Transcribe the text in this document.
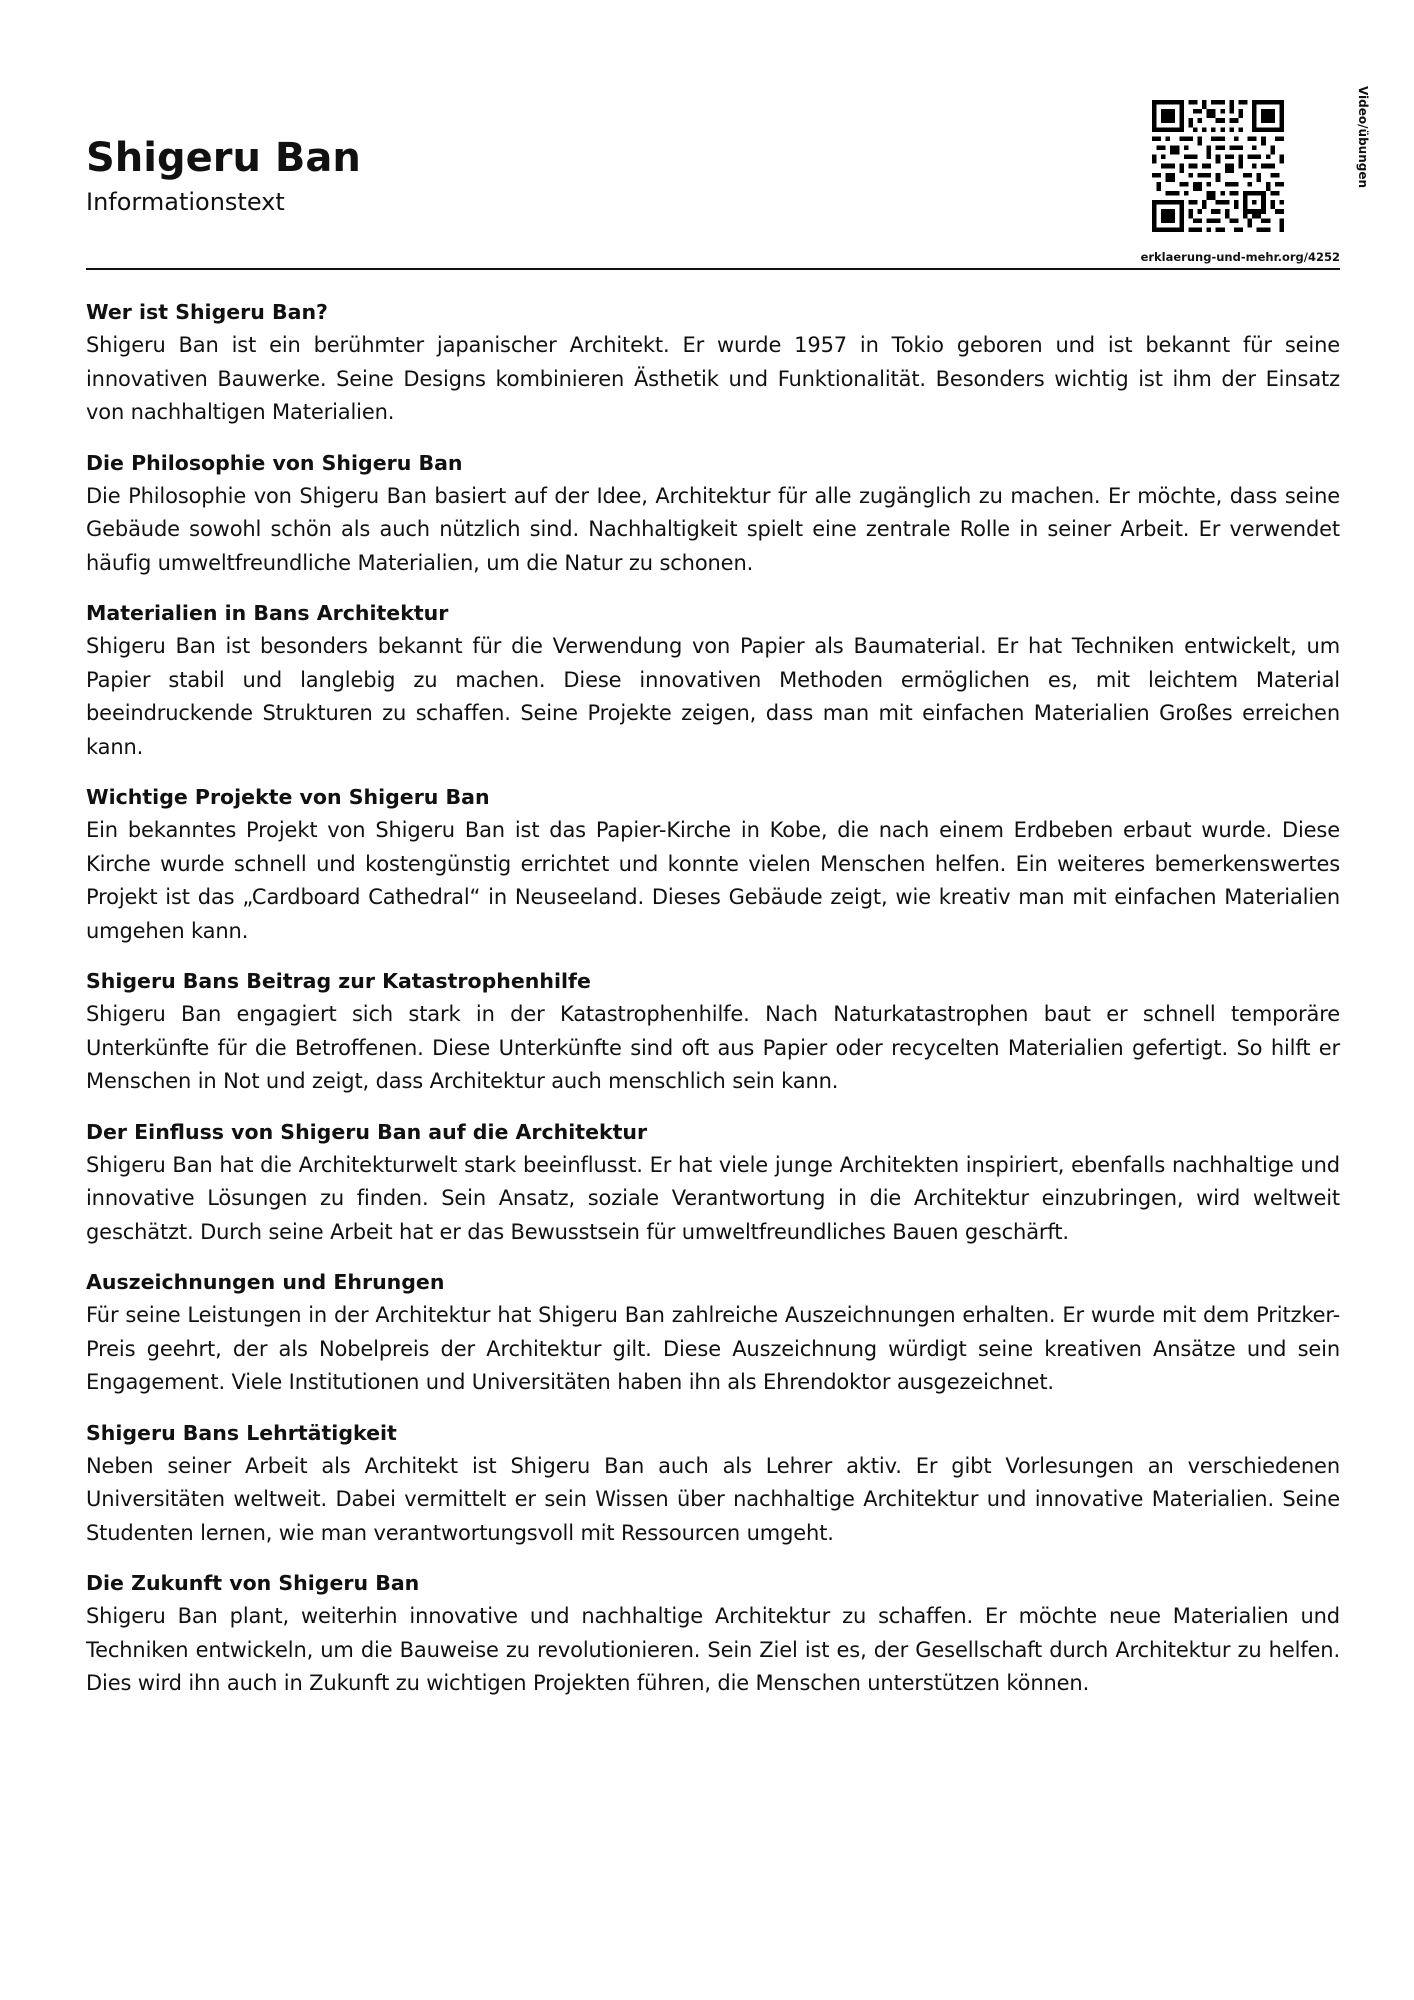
Shigeru Ban
Informationstext
Video/übungen
erklaerung-und-mehr.org/4252
Wer ist Shigeru Ban?

Shigeru Ban ist ein berühmter japanischer Architekt. Er wurde 1957 in Tokio geboren und ist bekannt für seine innovativen Bauwerke. Seine Designs kombinieren Ästhetik und Funktionalität. Besonders wichtig ist ihm der Einsatz von nachhaltigen Materialien.

Die Philosophie von Shigeru Ban

Die Philosophie von Shigeru Ban basiert auf der Idee, Architektur für alle zugänglich zu machen. Er möchte, dass seine Gebäude sowohl schön als auch nützlich sind. Nachhaltigkeit spielt eine zentrale Rolle in seiner Arbeit. Er verwendet häufig umweltfreundliche Materialien, um die Natur zu schonen.

Materialien in Bans Architektur

Shigeru Ban ist besonders bekannt für die Verwendung von Papier als Baumaterial. Er hat Techniken entwickelt, um Papier stabil und langlebig zu machen. Diese innovativen Methoden ermöglichen es, mit leichtem Material beeindruckende Strukturen zu schaffen. Seine Projekte zeigen, dass man mit einfachen Materialien Großes erreichen kann.

Wichtige Projekte von Shigeru Ban

Ein bekanntes Projekt von Shigeru Ban ist das Papier-Kirche in Kobe, die nach einem Erdbeben erbaut wurde. Diese Kirche wurde schnell und kostengünstig errichtet und konnte vielen Menschen helfen. Ein weiteres bemerkenswertes Projekt ist das „Cardboard Cathedral“ in Neuseeland. Dieses Gebäude zeigt, wie kreativ man mit einfachen Materialien umgehen kann.

Shigeru Bans Beitrag zur Katastrophenhilfe

Shigeru Ban engagiert sich stark in der Katastrophenhilfe. Nach Naturkatastrophen baut er schnell temporäre Unterkünfte für die Betroffenen. Diese Unterkünfte sind oft aus Papier oder recycelten Materialien gefertigt. So hilft er Menschen in Not und zeigt, dass Architektur auch menschlich sein kann.

Der Einfluss von Shigeru Ban auf die Architektur

Shigeru Ban hat die Architekturwelt stark beeinflusst. Er hat viele junge Architekten inspiriert, ebenfalls nachhaltige und innovative Lösungen zu finden. Sein Ansatz, soziale Verantwortung in die Architektur einzubringen, wird weltweit geschätzt. Durch seine Arbeit hat er das Bewusstsein für umweltfreundliches Bauen geschärft.

Auszeichnungen und Ehrungen

Für seine Leistungen in der Architektur hat Shigeru Ban zahlreiche Auszeichnungen erhalten. Er wurde mit dem Pritzker-Preis geehrt, der als Nobelpreis der Architektur gilt. Diese Auszeichnung würdigt seine kreativen Ansätze und sein Engagement. Viele Institutionen und Universitäten haben ihn als Ehrendoktor ausgezeichnet.

Shigeru Bans Lehrtätigkeit

Neben seiner Arbeit als Architekt ist Shigeru Ban auch als Lehrer aktiv. Er gibt Vorlesungen an verschiedenen Universitäten weltweit. Dabei vermittelt er sein Wissen über nachhaltige Architektur und innovative Materialien. Seine Studenten lernen, wie man verantwortungsvoll mit Ressourcen umgeht.

Die Zukunft von Shigeru Ban

Shigeru Ban plant, weiterhin innovative und nachhaltige Architektur zu schaffen. Er möchte neue Materialien und Techniken entwickeln, um die Bauweise zu revolutionieren. Sein Ziel ist es, der Gesellschaft durch Architektur zu helfen. Dies wird ihn auch in Zukunft zu wichtigen Projekten führen, die Menschen unterstützen können.
